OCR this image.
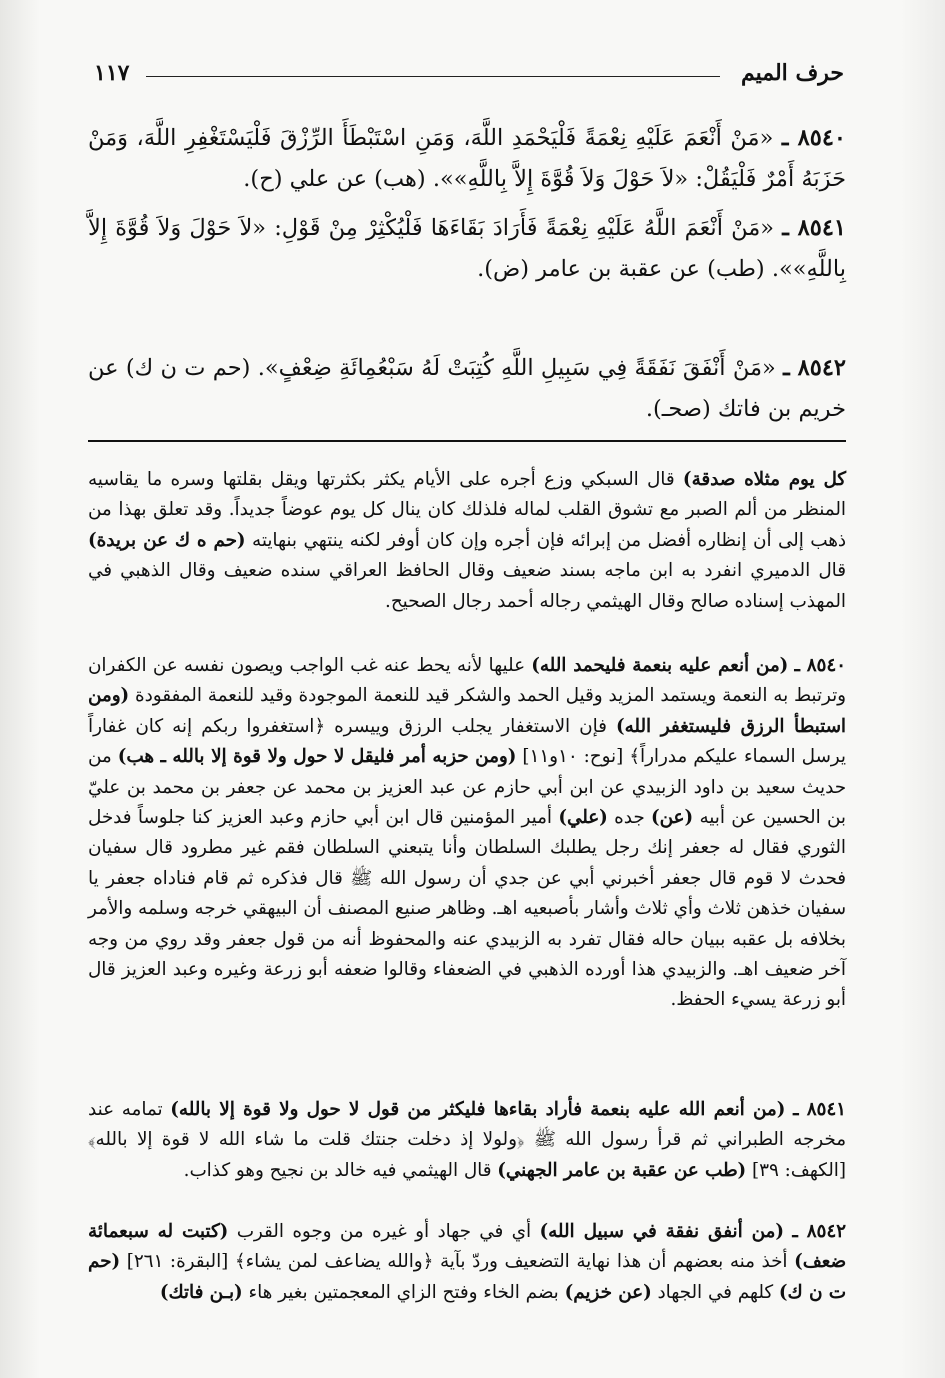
حرف الميم
١١٧
٨٥٤٠ ـ «مَنْ أَنْعَمَ عَلَيْهِ نِعْمَةً فَلْيَحْمَدِ اللَّهَ، وَمَنِ اسْتَبْطَأَ الرِّزْقَ فَلْيَسْتَغْفِرِ اللَّهَ، وَمَنْ حَزَبَهُ أَمْرٌ فَلْيَقُلْ: «لاَ حَوْلَ وَلاَ قُوَّةَ إِلاَّ بِاللَّهِ»». (هب) عن علي (ح).
٨٥٤١ ـ «مَنْ أَنْعَمَ اللَّهُ عَلَيْهِ نِعْمَةً فَأَرَادَ بَقَاءَهَا فَلْيُكْثِرْ مِنْ قَوْلِ: «لاَ حَوْلَ وَلاَ قُوَّةَ إِلاَّ بِاللَّهِ»». (طب) عن عقبة بن عامر (ض).
٨٥٤٢ ـ «مَنْ أَنْفَقَ نَفَقَةً فِي سَبِيلِ اللَّهِ كُتِبَتْ لَهُ سَبْعُمِائَةِ ضِعْفٍ». (حم ت ن ك) عن خريم بن فاتك (صحـ).
كل يوم مثلاه صدقة) قال السبكي وزع أجره على الأيام يكثر بكثرتها ويقل بقلتها وسره ما يقاسيه المنظر من ألم الصبر مع تشوق القلب لماله فلذلك كان ينال كل يوم عوضاً جديداً. وقد تعلق بهذا من ذهب إلى أن إنظاره أفضل من إبرائه فإن أجره وإن كان أوفر لكنه ينتهي بنهايته (حم ه ك عن بريدة) قال الدميري انفرد به ابن ماجه بسند ضعيف وقال الحافظ العراقي سنده ضعيف وقال الذهبي في المهذب إسناده صالح وقال الهيثمي رجاله أحمد رجال الصحيح.
٨٥٤٠ ـ (من أنعم عليه بنعمة فليحمد الله) عليها لأنه يحط عنه غب الواجب ويصون نفسه عن الكفران وترتبط به النعمة ويستمد المزيد وقيل الحمد والشكر قيد للنعمة الموجودة وقيد للنعمة المفقودة (ومن استبطأ الرزق فليستغفر الله) فإن الاستغفار يجلب الرزق وييسره ﴿استغفروا ربكم إنه كان غفاراً يرسل السماء عليكم مدراراً﴾ [نوح: ١٠و١١] (ومن حزبه أمر فليقل لا حول ولا قوة إلا بالله ـ هب) من حديث سعيد بن داود الزبيدي عن ابن أبي حازم عن عبد العزيز بن محمد عن جعفر بن محمد بن عليّ بن الحسين عن أبيه (عن) جده (علي) أمير المؤمنين قال ابن أبي حازم وعبد العزيز كنا جلوساً فدخل الثوري فقال له جعفر إنك رجل يطلبك السلطان وأنا يتبعني السلطان فقم غير مطرود قال سفيان فحدث لا قوم قال جعفر أخبرني أبي عن جدي أن رسول الله ﷺ قال فذكره ثم قام فناداه جعفر يا سفيان خذهن ثلاث وأي ثلاث وأشار بأصبعيه اهـ. وظاهر صنيع المصنف أن البيهقي خرجه وسلمه والأمر بخلافه بل عقبه ببيان حاله فقال تفرد به الزبيدي عنه والمحفوظ أنه من قول جعفر وقد روي من وجه آخر ضعيف اهـ. والزبيدي هذا أورده الذهبي في الضعفاء وقالوا ضعفه أبو زرعة وغيره وعبد العزيز قال أبو زرعة يسيء الحفظ.
٨٥٤١ ـ (من أنعم الله عليه بنعمة فأراد بقاءها فليكثر من قول لا حول ولا قوة إلا بالله) تمامه عند مخرجه الطبراني ثم قرأ رسول الله ﷺ ﴿ولولا إذ دخلت جنتك قلت ما شاء الله لا قوة إلا بالله﴾ [الكهف: ٣٩] (طب عن عقبة بن عامر الجهني) قال الهيثمي فيه خالد بن نجيح وهو كذاب.
٨٥٤٢ ـ (من أنفق نفقة في سبيل الله) أي في جهاد أو غيره من وجوه القرب (كتبت له سبعمائة ضعف) أخذ منه بعضهم أن هذا نهاية التضعيف وردّ بآية ﴿والله يضاعف لمن يشاء﴾ [البقرة: ٢٦١] (حم ت ن ك) كلهم في الجهاد (عن خزيم) بضم الخاء وفتح الزاي المعجمتين بغير هاء (بـن فاتك)
